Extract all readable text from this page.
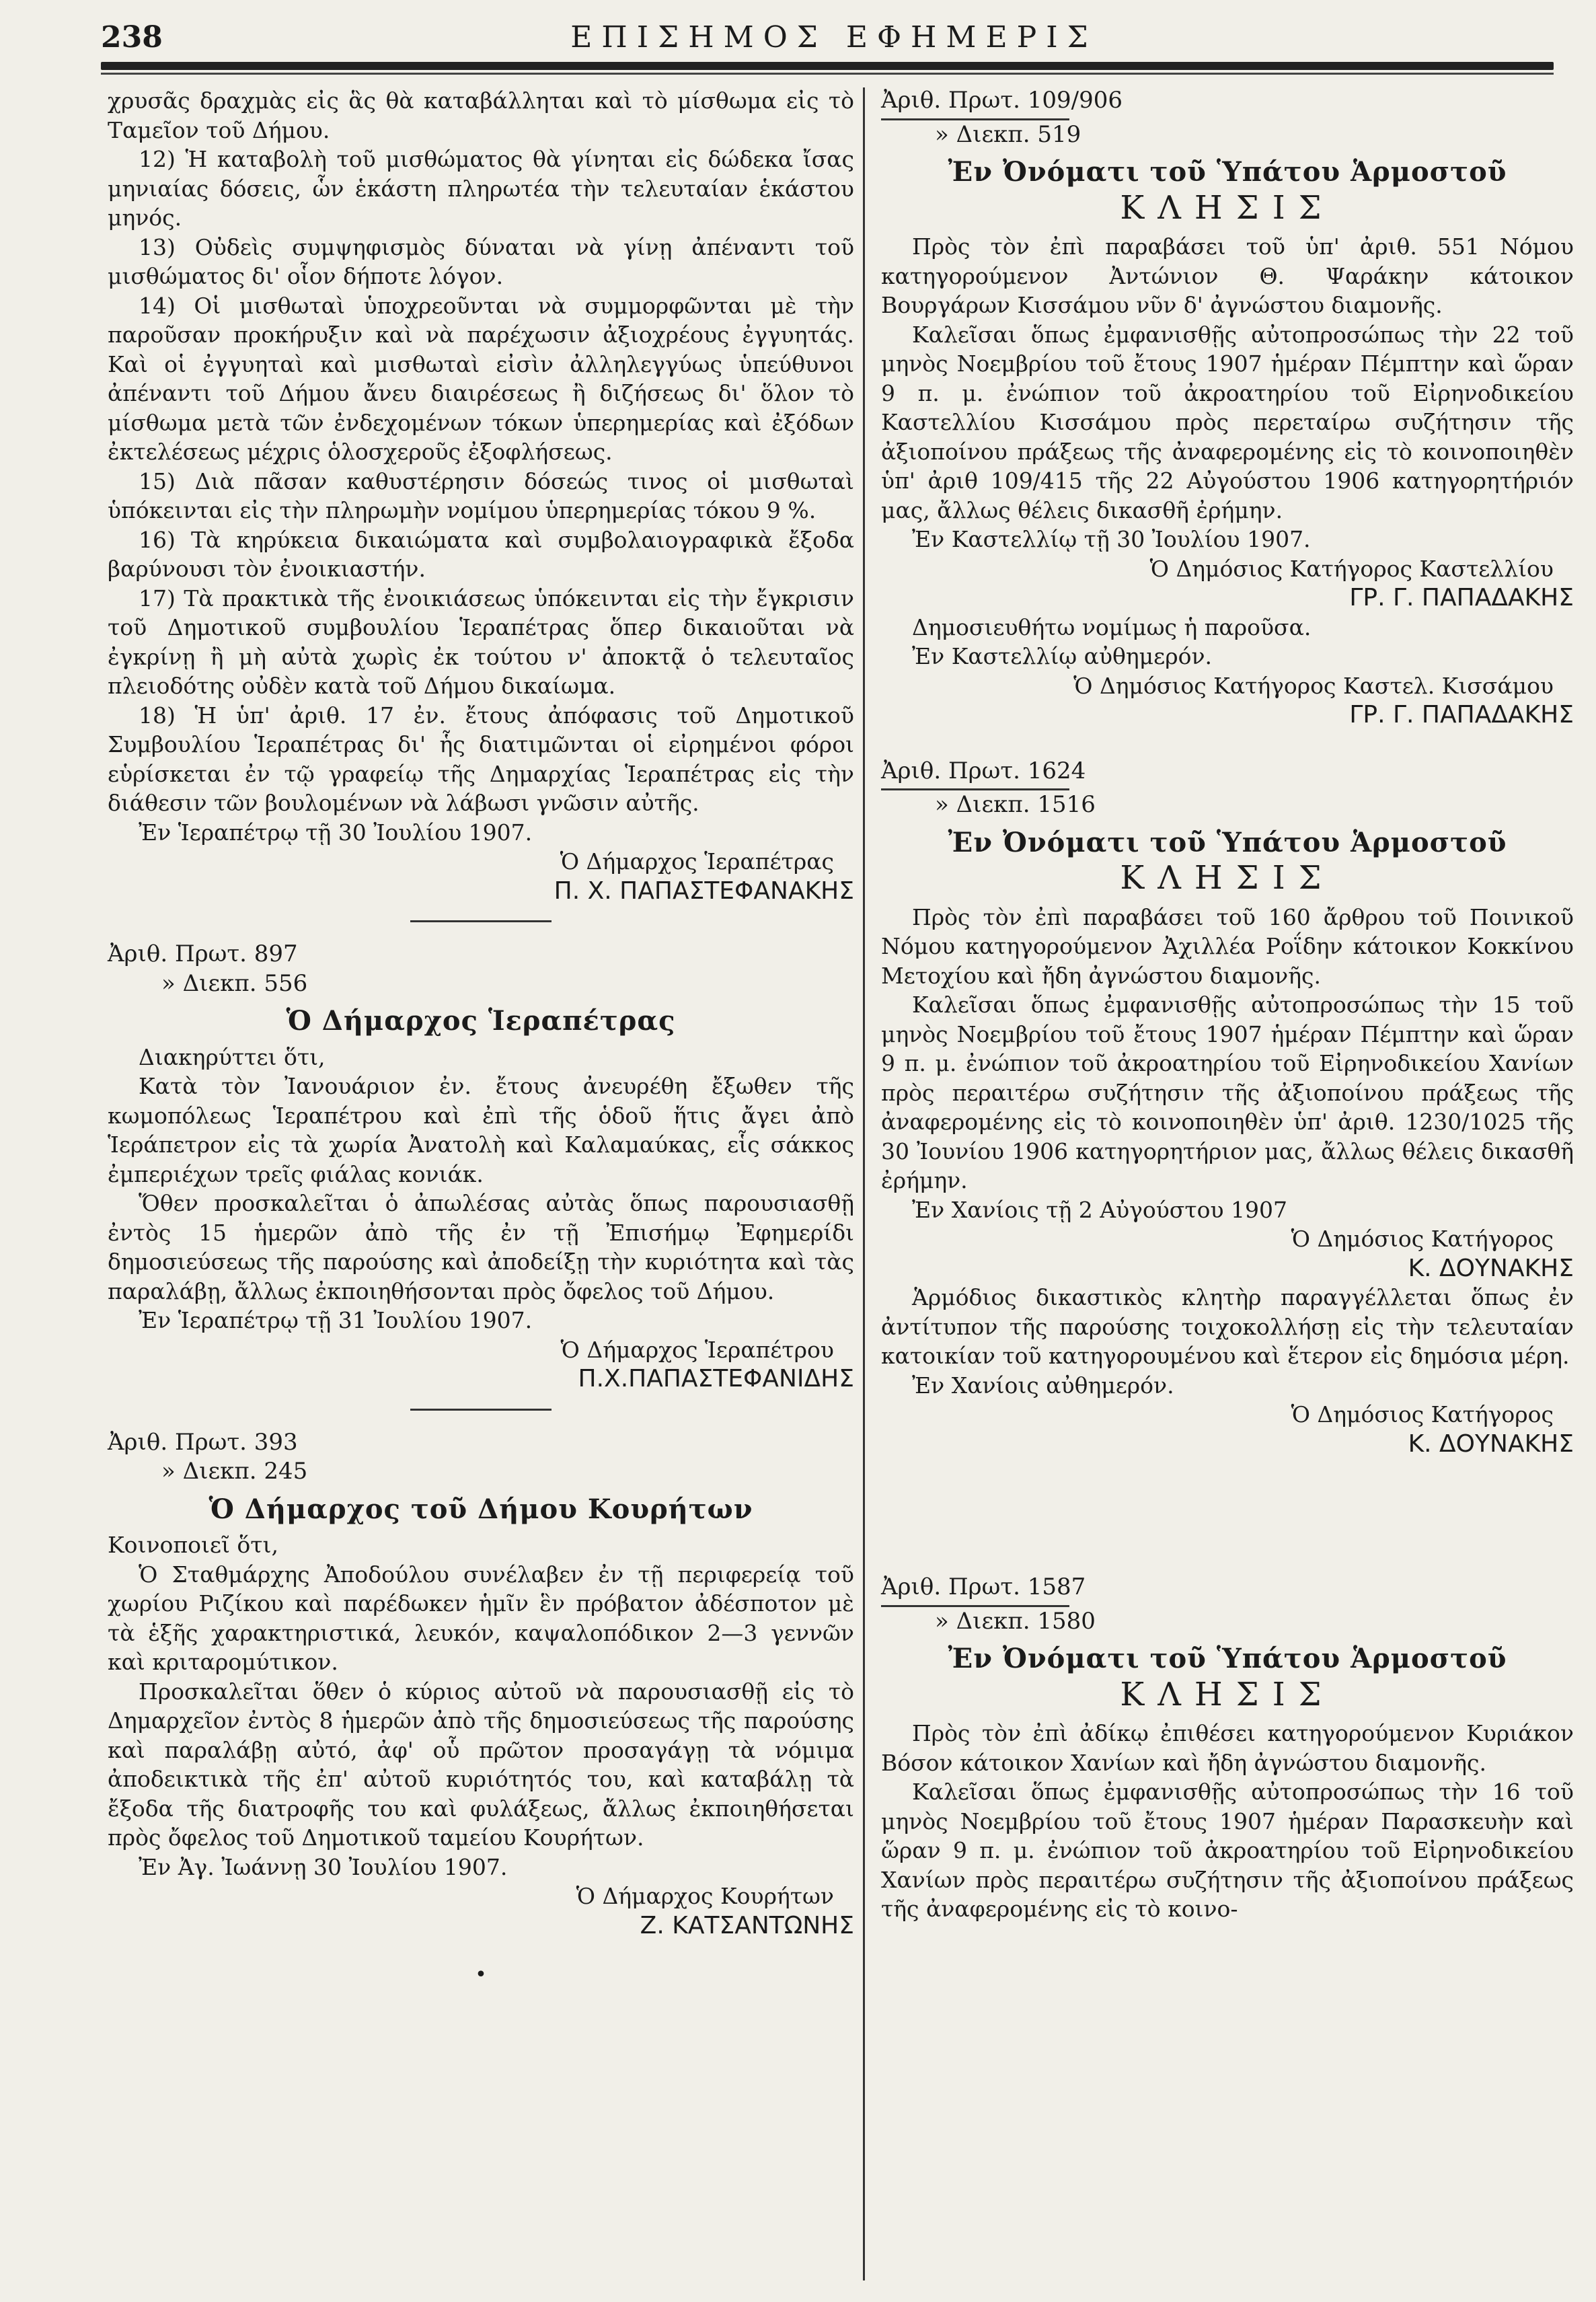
238	ΕΠΙΣΗΜΟΣ ΕΦΗΜΕΡΙΣ

χρυσᾶς δραχμὰς εἰς ἃς θὰ καταβάλληται καὶ τὸ μίσθωμα εἰς τὸ Ταμεῖον τοῦ Δήμου.

12) Ἡ καταβολὴ τοῦ μισθώματος θὰ γίνηται εἰς δώδεκα ἴσας μηνιαίας δόσεις, ὧν ἑκάστη πληρωτέα τὴν τελευταίαν ἑκάστου μηνός.

13) Οὐδεὶς συμψηφισμὸς δύναται νὰ γίνῃ ἀπέναντι τοῦ μισθώματος δι' οἷον δήποτε λόγον.

14) Οἱ μισθωταὶ ὑποχρεοῦνται νὰ συμμορφῶνται μὲ τὴν παροῦσαν προκήρυξιν καὶ νὰ παρέχωσιν ἀξιοχρέους ἐγγυητάς. Καὶ οἱ ἐγγυηταὶ καὶ μισθωταὶ εἰσὶν ἀλληλεγγύως ὑπεύθυνοι ἀπέναντι τοῦ Δήμου ἄνευ διαιρέσεως ἢ διζήσεως δι' ὅλον τὸ μίσθωμα μετὰ τῶν ἐνδεχομένων τόκων ὑπερημερίας καὶ ἐξόδων ἐκτελέσεως μέχρις ὁλοσχεροῦς ἐξοφλήσεως.

15) Διὰ πᾶσαν καθυστέρησιν δόσεώς τινος οἱ μισθωταὶ ὑπόκεινται εἰς τὴν πληρωμὴν νομίμου ὑπερημερίας τόκου 9 %.

16) Τὰ κηρύκεια δικαιώματα καὶ συμβολαιογραφικὰ ἔξοδα βαρύνουσι τὸν ἐνοικιαστήν.

17) Τὰ πρακτικὰ τῆς ἐνοικιάσεως ὑπόκεινται εἰς τὴν ἔγκρισιν τοῦ Δημοτικοῦ συμβουλίου Ἱεραπέτρας ὅπερ δικαιοῦται νὰ ἐγκρίνῃ ἢ μὴ αὐτὰ χωρὶς ἐκ τούτου ν' ἀποκτᾷ ὁ τελευταῖος πλειοδότης οὐδὲν κατὰ τοῦ Δήμου δικαίωμα.

18) Ἡ ὑπ' ἀριθ. 17 ἐν. ἔτους ἀπόφασις τοῦ Δημοτικοῦ Συμβουλίου Ἱεραπέτρας δι' ἧς διατιμῶνται οἱ εἰρημένοι φόροι εὑρίσκεται ἐν τῷ γραφείῳ τῆς Δημαρχίας Ἱεραπέτρας εἰς τὴν διάθεσιν τῶν βουλομένων νὰ λάβωσι γνῶσιν αὐτῆς.

Ἐν Ἱεραπέτρῳ τῇ 30 Ἰουλίου 1907.

Ὁ Δήμαρχος Ἱεραπέτρας

Π. Χ. ΠΑΠΑΣΤΕΦΑΝΑΚΗΣ

Ἀριθ. Πρωτ. 897

» Διεκπ. 556

Ὁ Δήμαρχος Ἱεραπέτρας

Διακηρύττει ὅτι,

Κατὰ τὸν Ἰανουάριον ἐν. ἔτους ἀνευρέθη ἔξωθεν τῆς κωμοπόλεως Ἱεραπέτρου καὶ ἐπὶ τῆς ὁδοῦ ἥτις ἄγει ἀπὸ Ἱεράπετρον εἰς τὰ χωρία Ἀνατολὴ καὶ Καλαμαύκας, εἷς σάκκος ἐμπεριέχων τρεῖς φιάλας κονιάκ.

Ὅθεν προσκαλεῖται ὁ ἀπωλέσας αὐτὰς ὅπως παρουσιασθῇ ἐντὸς 15 ἡμερῶν ἀπὸ τῆς ἐν τῇ Ἐπισήμῳ Ἐφημερίδι δημοσιεύσεως τῆς παρούσης καὶ ἀποδείξῃ τὴν κυριότητα καὶ τὰς παραλάβῃ, ἄλλως ἐκποιηθήσονται πρὸς ὄφελος τοῦ Δήμου.

Ἐν Ἱεραπέτρῳ τῇ 31 Ἰουλίου 1907.

Ὁ Δήμαρχος Ἱεραπέτρου

Π.Χ.ΠΑΠΑΣΤΕΦΑΝΙΔΗΣ

Ἀριθ. Πρωτ. 393

» Διεκπ. 245

Ὁ Δήμαρχος τοῦ Δήμου Κουρήτων

Κοινοποιεῖ ὅτι,

Ὁ Σταθμάρχης Ἀποδούλου συνέλαβεν ἐν τῇ περιφερείᾳ τοῦ χωρίου Ριζίκου καὶ παρέδωκεν ἡμῖν ἓν πρόβατον ἀδέσποτον μὲ τὰ ἑξῆς χαρακτηριστικά, λευκόν, καψαλοπόδικον 2—3 γεννῶν καὶ κριταρομύτικον.

Προσκαλεῖται ὅθεν ὁ κύριος αὐτοῦ νὰ παρουσιασθῇ εἰς τὸ Δημαρχεῖον ἐντὸς 8 ἡμερῶν ἀπὸ τῆς δημοσιεύσεως τῆς παρούσης καὶ παραλάβῃ αὐτό, ἀφ' οὗ πρῶτον προσαγάγῃ τὰ νόμιμα ἀποδεικτικὰ τῆς ἐπ' αὐτοῦ κυριότητός του, καὶ καταβάλῃ τὰ ἔξοδα τῆς διατροφῆς του καὶ φυλάξεως, ἄλλως ἐκποιηθήσεται πρὸς ὄφελος τοῦ Δημοτικοῦ ταμείου Κουρήτων.

Ἐν Ἀγ. Ἰωάννῃ 30 Ἰουλίου 1907.

Ὁ Δήμαρχος Κουρήτων

Ζ. ΚΑΤΣΑΝΤΩΝΗΣ

•

Ἀριθ. Πρωτ. 109/906

» Διεκπ. 519

Ἐν Ὀνόματι τοῦ Ὑπάτου Ἁρμοστοῦ
ΚΛΗΣΙΣ

Πρὸς τὸν ἐπὶ παραβάσει τοῦ ὑπ' ἀριθ. 551 Νόμου κατηγορούμενον Ἀντώνιον Θ. Ψαράκην κάτοικον Βουργάρων Κισσάμου νῦν δ' ἀγνώστου διαμονῆς.

Καλεῖσαι ὅπως ἐμφανισθῇς αὐτοπροσώπως τὴν 22 τοῦ μηνὸς Νοεμβρίου τοῦ ἔτους 1907 ἡμέραν Πέμπτην καὶ ὥραν 9 π. μ. ἐνώπιον τοῦ ἀκροατηρίου τοῦ Εἰρηνοδικείου Καστελλίου Κισσάμου πρὸς περεταίρω συζήτησιν τῆς ἀξιοποίνου πράξεως τῆς ἀναφερομένης εἰς τὸ κοινοποιηθὲν ὑπ' ἀριθ 109/415 τῆς 22 Αὐγούστου 1906 κατηγορητήριόν μας, ἄλλως θέλεις δικασθῆ ἐρήμην.

Ἐν Καστελλίῳ τῇ 30 Ἰουλίου 1907.

Ὁ Δημόσιος Κατήγορος Καστελλίου

ΓΡ. Γ. ΠΑΠΑΔΑΚΗΣ

Δημοσιευθήτω νομίμως ἡ παροῦσα.

Ἐν Καστελλίῳ αὐθημερόν.

Ὁ Δημόσιος Κατήγορος Καστελ. Κισσάμου

ΓΡ. Γ. ΠΑΠΑΔΑΚΗΣ

Ἀριθ. Πρωτ. 1624

» Διεκπ. 1516

Ἐν Ὀνόματι τοῦ Ὑπάτου Ἁρμοστοῦ
ΚΛΗΣΙΣ

Πρὸς τὸν ἐπὶ παραβάσει τοῦ 160 ἄρθρου τοῦ Ποινικοῦ Νόμου κατηγορούμενον Ἀχιλλέα Ροΐδην κάτοικον Κοκκίνου Μετοχίου καὶ ἤδη ἀγνώστου διαμονῆς.

Καλεῖσαι ὅπως ἐμφανισθῇς αὐτοπροσώπως τὴν 15 τοῦ μηνὸς Νοεμβρίου τοῦ ἔτους 1907 ἡμέραν Πέμπτην καὶ ὥραν 9 π. μ. ἐνώπιον τοῦ ἀκροατηρίου τοῦ Εἰρηνοδικείου Χανίων πρὸς περαιτέρω συζήτησιν τῆς ἀξιοποίνου πράξεως τῆς ἀναφερομένης εἰς τὸ κοινοποιηθὲν ὑπ' ἀριθ. 1230/1025 τῆς 30 Ἰουνίου 1906 κατηγορητήριον μας, ἄλλως θέλεις δικασθῆ ἐρήμην.

Ἐν Χανίοις τῇ 2 Αὐγούστου 1907

Ὁ Δημόσιος Κατήγορος

Κ. ΔΟΥΝΑΚΗΣ

Ἁρμόδιος δικαστικὸς κλητὴρ παραγγέλλεται ὅπως ἐν ἀντίτυπον τῆς παρούσης τοιχοκολλήσῃ εἰς τὴν τελευταίαν κατοικίαν τοῦ κατηγορουμένου καὶ ἕτερον εἰς δημόσια μέρη.

Ἐν Χανίοις αὐθημερόν.

Ὁ Δημόσιος Κατήγορος

Κ. ΔΟΥΝΑΚΗΣ

Ἀριθ. Πρωτ. 1587

» Διεκπ. 1580

Ἐν Ὀνόματι τοῦ Ὑπάτου Ἁρμοστοῦ
ΚΛΗΣΙΣ

Πρὸς τὸν ἐπὶ ἀδίκῳ ἐπιθέσει κατηγορούμενον Κυριάκον Βόσον κάτοικον Χανίων καὶ ἤδη ἀγνώστου διαμονῆς.

Καλεῖσαι ὅπως ἐμφανισθῇς αὐτοπροσώπως τὴν 16 τοῦ μηνὸς Νοεμβρίου τοῦ ἔτους 1907 ἡμέραν Παρασκευὴν καὶ ὥραν 9 π. μ. ἐνώπιον τοῦ ἀκροατηρίου τοῦ Εἰρηνοδικείου Χανίων πρὸς περαιτέρω συζήτησιν τῆς ἀξιοποίνου πράξεως τῆς ἀναφερομένης εἰς τὸ κοινο-
